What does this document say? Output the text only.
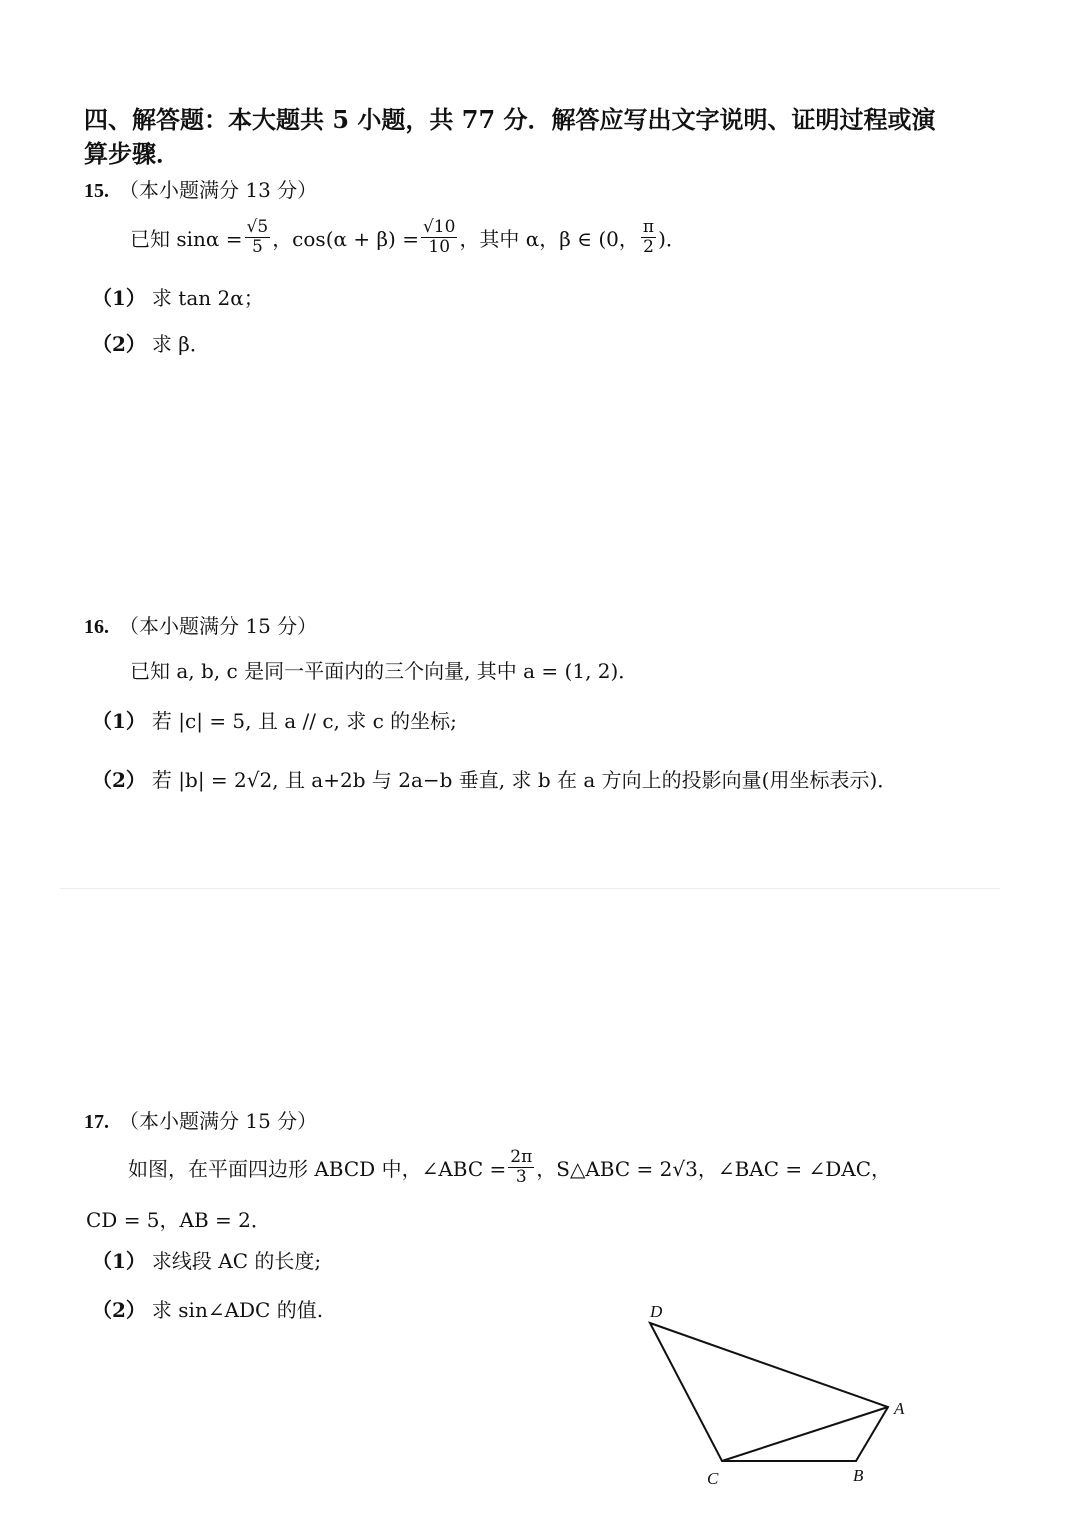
四、解答题：本大题共 5 小题，共 77 分．解答应写出文字说明、证明过程或演
算步骤．
15. （本小题满分 13 分）
已知 $\sin\alpha = \frac{√5}{5}$ ，$\cos(\alpha + \beta) = \frac{√10}{10}$ ，其中 α，β ∈ (0， $\frac{\pi}{2}$ )．
（1） 求 tan 2α；
（2） 求 β．
16. （本小题满分 15 分）
已知 a, b, c 是同一平面内的三个向量, 其中 a = (1, 2)．
（1） 若 |c| = 5, 且 a // c, 求 c 的坐标;
（2） 若 |b| = 2√2, 且 a+2b 与 2a−b 垂直, 求 b 在 a 方向上的投影向量(用坐标表示)．
17. （本小题满分 15 分）
如图，在平面四边形 ABCD 中，∠ABC = $\frac{2\pi}{3}$ ，S△ABC = 2√3，∠BAC = ∠DAC，
CD = 5，AB = 2．
（1） 求线段 AC 的长度;
（2） 求 sin∠ADC 的值.	D
A
B
C
